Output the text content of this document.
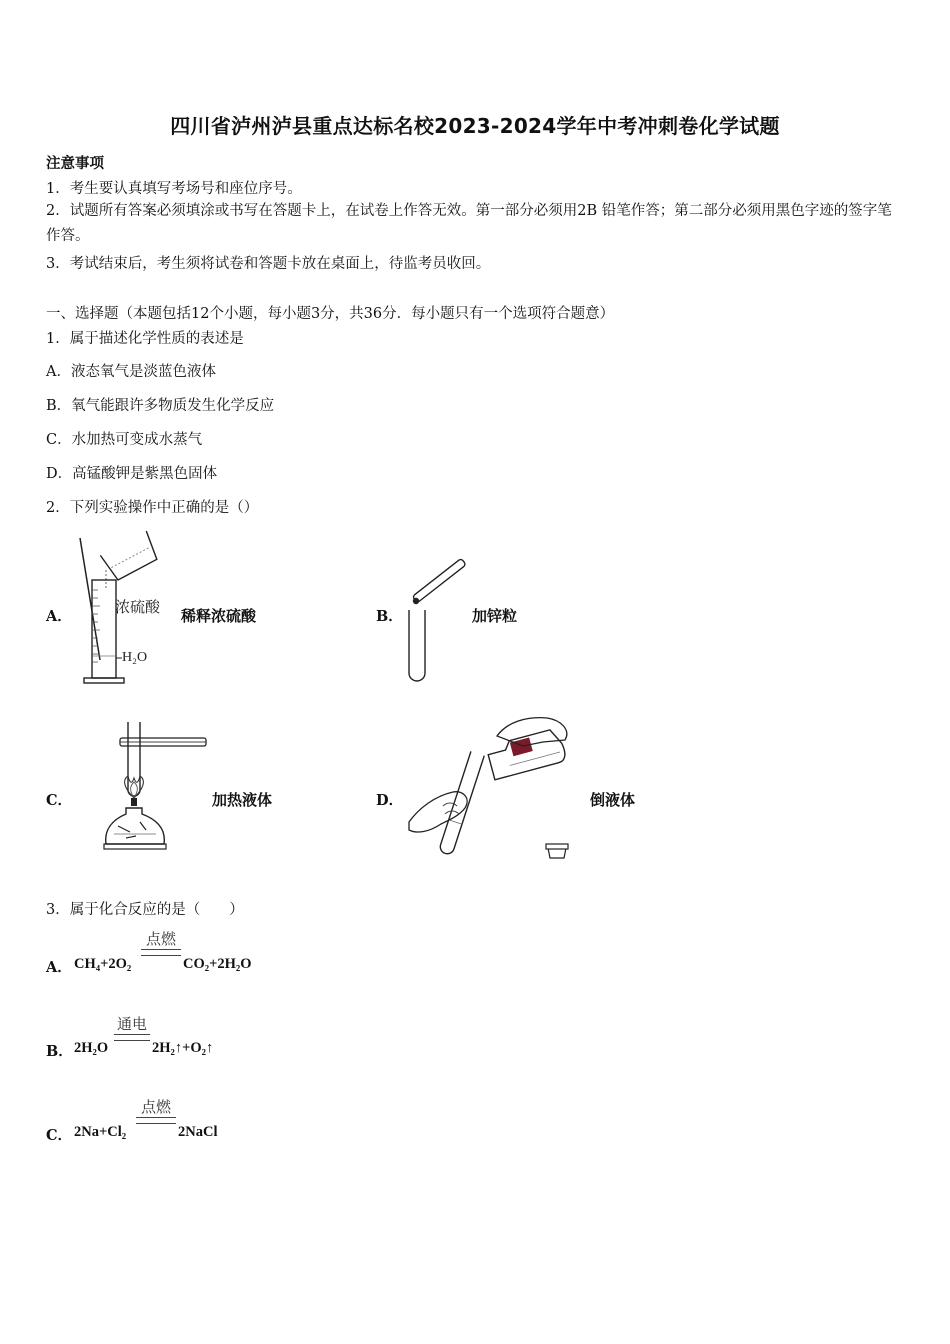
四川省泸州泸县重点达标名校2023-2024学年中考冲刺卷化学试题
注意事项
1．考生要认真填写考场号和座位序号。
2．试题所有答案必须填涂或书写在答题卡上，在试卷上作答无效。第一部分必须用2B 铅笔作答；第二部分必须用黑色字迹的签字笔作答。
3．考试结束后，考生须将试卷和答题卡放在桌面上，待监考员收回。
一、选择题（本题包括12个小题，每小题3分，共36分．每小题只有一个选项符合题意）
1．属于描述化学性质的表述是
A．液态氧气是淡蓝色液体
B．氧气能跟许多物质发生化学反应
C．水加热可变成水蒸气
D．高锰酸钾是紫黑色固体
2．下列实验操作中正确的是（）
A．
浓硫酸
H₂O
稀释浓硫酸	B．	加锌粒
C．	加热液体	D．	倒液体
3．属于化合反应的是（　　）
A． CH₄+2O₂
点燃
CO₂+2H₂O
B． 2H₂O
通电
2H₂↑+O₂↑
C． 2Na+Cl₂
点燃
2NaCl
